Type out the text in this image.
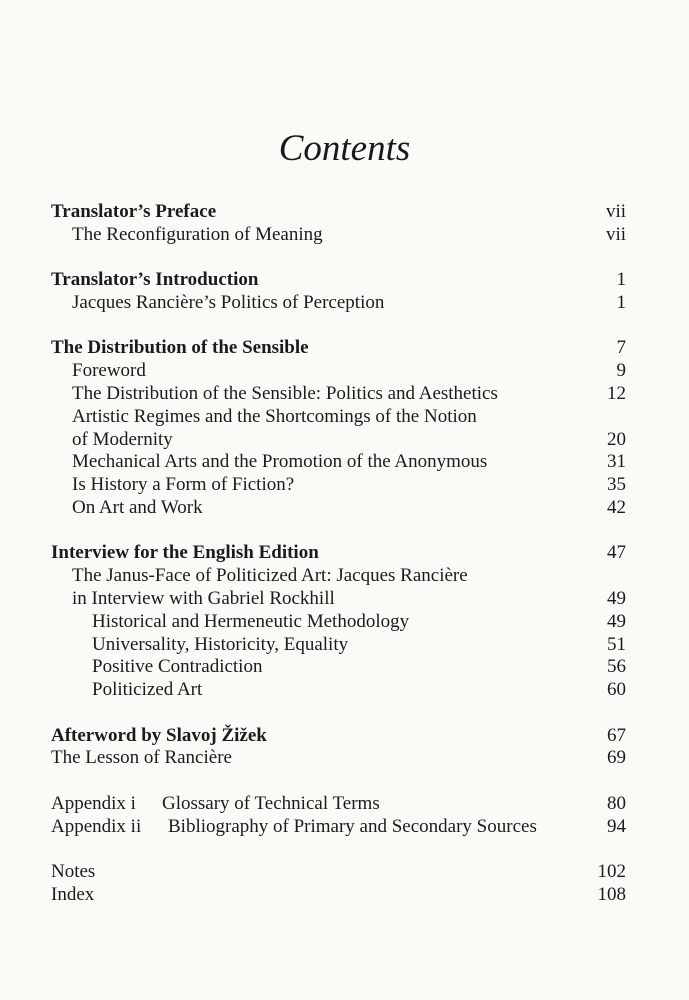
Contents
Translator’s Preface	vii
The Reconfiguration of Meaning	vii
Translator’s Introduction	1
Jacques Rancière’s Politics of Perception	1
The Distribution of the Sensible	7
Foreword	9
The Distribution of the Sensible: Politics and Aesthetics	12
Artistic Regimes and the Shortcomings of the Notion
of Modernity	20
Mechanical Arts and the Promotion of the Anonymous	31
Is History a Form of Fiction?	35
On Art and Work	42
Interview for the English Edition	47
The Janus-Face of Politicized Art: Jacques Rancière
in Interview with Gabriel Rockhill	49
Historical and Hermeneutic Methodology	49
Universality, Historicity, Equality	51
Positive Contradiction	56
Politicized Art	60
Afterword by Slavoj Žižek	67
The Lesson of Rancière	69
Appendix i Glossary of Technical Terms	80
Appendix ii Bibliography of Primary and Secondary Sources	94
Notes	102
Index	108
